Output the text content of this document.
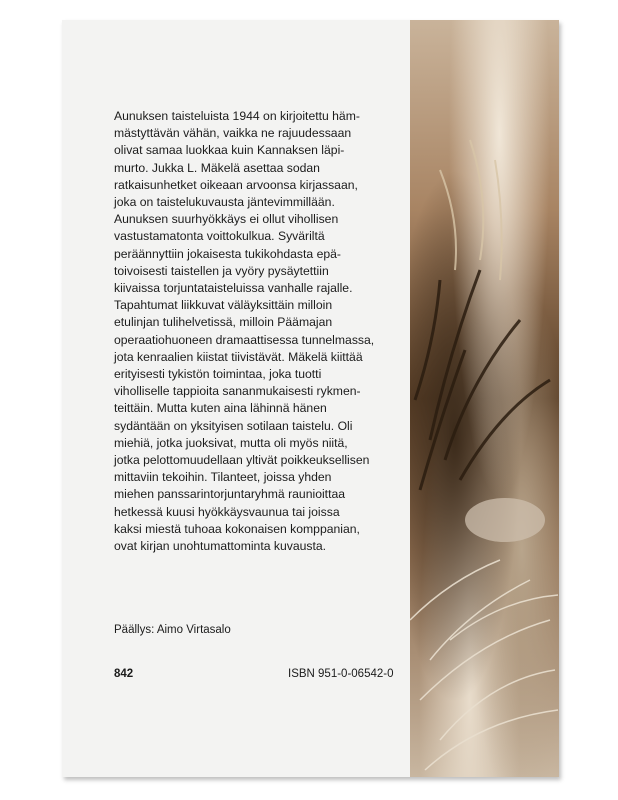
Aunuksen taisteluista 1944 on kirjoitettu häm-
mästyttävän vähän, vaikka ne rajuudessaan
olivat samaa luokkaa kuin Kannaksen läpi-
murto. Jukka L. Mäkelä asettaa sodan
ratkaisunhetket oikeaan arvoonsa kirjassaan,
joka on taistelukuvausta jäntevimmillään.
Aunuksen suurhyökkäys ei ollut vihollisen
vastustamatonta voittokulkua. Syväriltä
peräännyttiin jokaisesta tukikohdasta epä-
toivoisesti taistellen ja vyöry pysäytettiin
kiivaissa torjuntataisteluissa vanhalle rajalle.
Tapahtumat liikkuvat väläyksittäin milloin
etulinjan tulihelvetissä, milloin Päämajan
operaatiohuoneen dramaattisessa tunnelmassa,
jota kenraalien kiistat tiivistävät. Mäkelä kiittää
erityisesti tykistön toimintaa, joka tuotti
viholliselle tappioita sananmukaisesti rykmen-
teittäin. Mutta kuten aina lähinnä hänen
sydäntään on yksityisen sotilaan taistelu. Oli
miehiä, jotka juoksivat, mutta oli myös niitä,
jotka pelottomuudellaan yltivät poikkeuksellisen
mittaviin tekoihin. Tilanteet, joissa yhden
miehen panssarintorjuntaryhmä raunioittaa
hetkessä kuusi hyökkäysvaunua tai joissa
kaksi miestä tuhoaa kokonaisen komppanian,
ovat kirjan unohtumattominta kuvausta.
Päällys: Aimo Virtasalo
842	ISBN 951-0-06542-0
